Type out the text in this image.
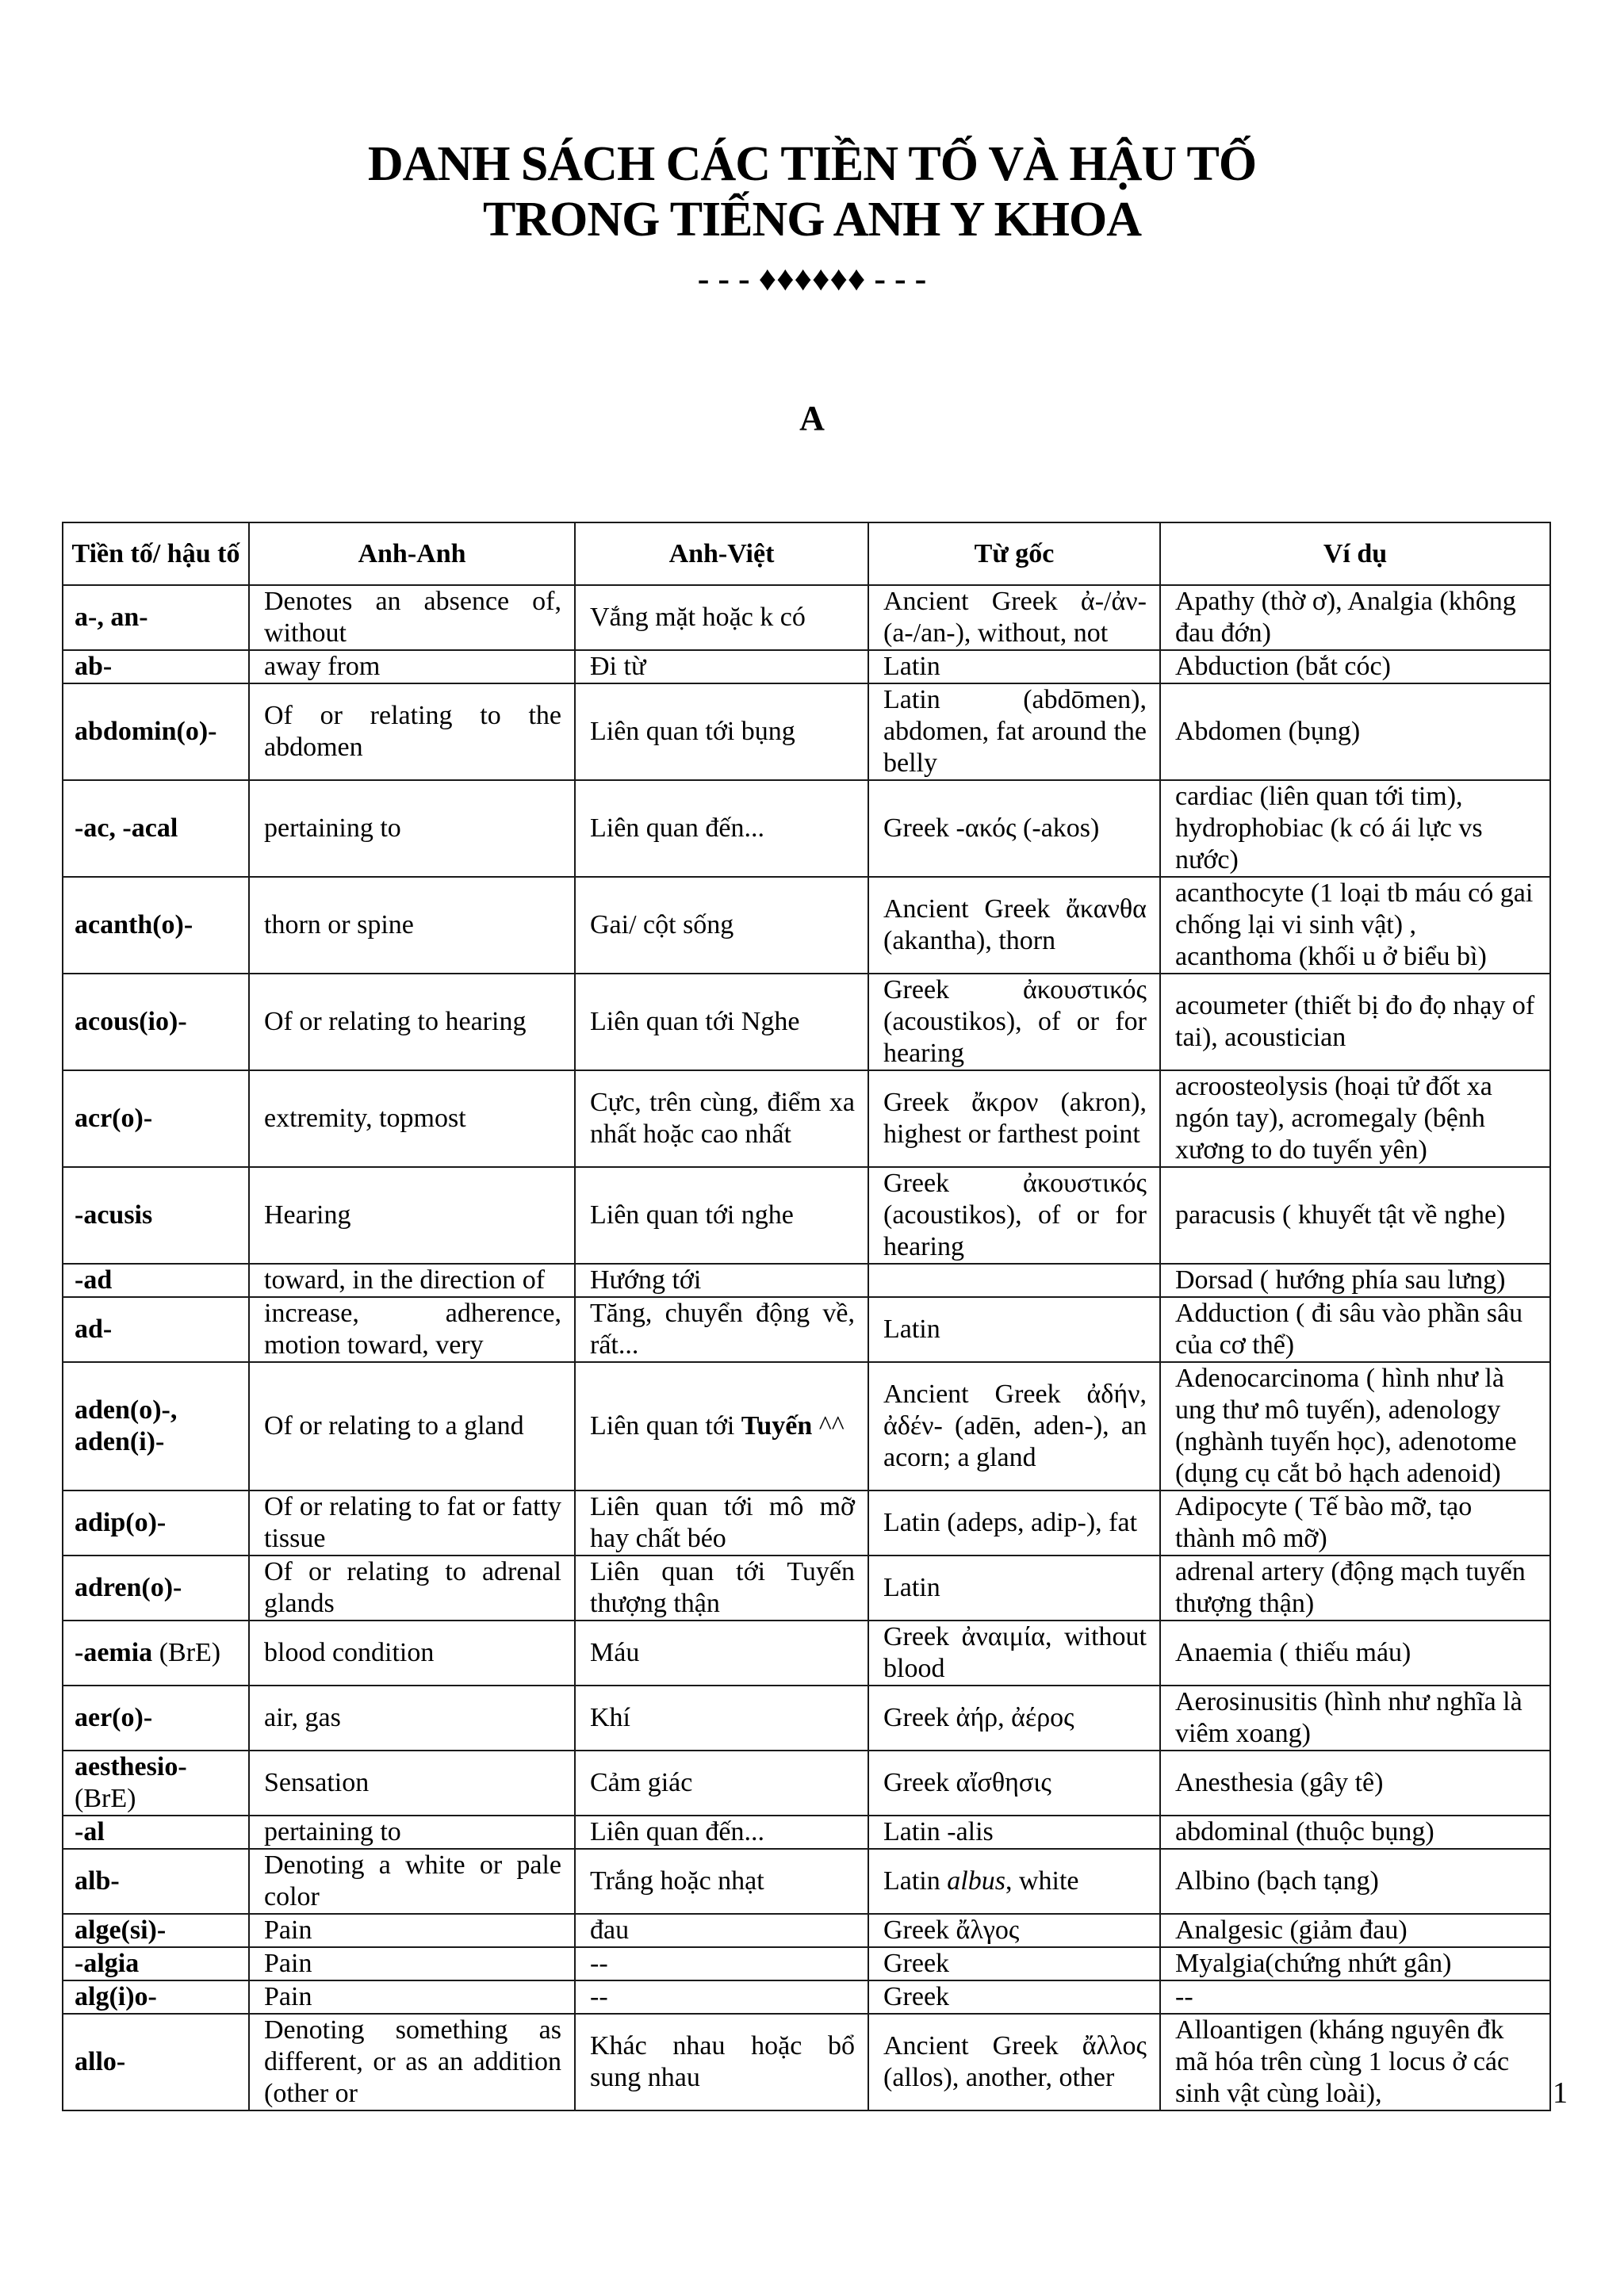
DANH SÁCH CÁC TIỀN TỐ VÀ HẬU TỐ
TRONG TIẾNG ANH Y KHOA
- - - ♦♦♦♦♦♦ - - -
A
Tiền tố/ hậu tố	Anh-Anh	Anh-Việt	Từ gốc	Ví dụ
a-, an-	Denotes an absence of, without	Vắng mặt hoặc k có	Ancient Greek ἀ-/ἀν- (a-/an-), without, not	Apathy (thờ ơ), Analgia (không đau đớn)
ab-	away from	Đi từ	Latin	Abduction (bắt cóc)
abdomin(o)-	Of or relating to the abdomen	Liên quan tới bụng	Latin (abdōmen), abdomen, fat around the belly	Abdomen (bụng)
-ac, -acal	pertaining to	Liên quan đến...	Greek -ακός (-akos)	cardiac (liên quan tới tim), hydrophobiac (k có ái lực vs nước)
acanth(o)-	thorn or spine	Gai/ cột sống	Ancient Greek ἄκανθα (akantha), thorn	acanthocyte (1 loại tb máu có gai chống lại vi sinh vật) , acanthoma (khối u ở biểu bì)
acous(io)-	Of or relating to hearing	Liên quan tới Nghe	Greek ἀκουστικός (acoustikos), of or for hearing	acoumeter (thiết bị đo đọ nhạy of tai), acoustician
acr(o)-	extremity, topmost	Cực, trên cùng, điểm xa nhất hoặc cao nhất	Greek ἄκρον (akron), highest or farthest point	acroosteolysis (hoại tử đốt xa ngón tay), acromegaly (bệnh xương to do tuyến yên)
-acusis	Hearing	Liên quan tới nghe	Greek ἀκουστικός (acoustikos), of or for hearing	paracusis ( khuyết tật về nghe)
-ad	toward, in the direction of	Hướng tới		Dorsad ( hướng phía sau lưng)
ad-	increase, adherence, motion toward, very	Tăng, chuyển động về, rất...	Latin	Adduction ( đi sâu vào phần sâu của cơ thể)
aden(o)-, aden(i)-	Of or relating to a gland	Liên quan tới Tuyến ^^	Ancient Greek ἀδήν, ἀδέν- (adēn, aden-), an acorn; a gland	Adenocarcinoma ( hình như là ung thư mô tuyến), adenology (nghành tuyến học), adenotome (dụng cụ cắt bỏ hạch adenoid)
adip(o)-	Of or relating to fat or fatty tissue	Liên quan tới mô mỡ hay chất béo	Latin (adeps, adip-), fat	Adipocyte ( Tế bào mỡ, tạo thành mô mỡ)
adren(o)-	Of or relating to adrenal glands	Liên quan tới Tuyến thượng thận	Latin	adrenal artery (động mạch tuyến thượng thận)
-aemia (BrE)	blood condition	Máu	Greek ἀναιμία, without blood	Anaemia ( thiếu máu)
aer(o)-	air, gas	Khí	Greek ἀήρ, ἀέρος	Aerosinusitis (hình như nghĩa là viêm xoang)
aesthesio- (BrE)	Sensation	Cảm giác	Greek αἴσθησις	Anesthesia (gây tê)
-al	pertaining to	Liên quan đến...	Latin -alis	abdominal (thuộc bụng)
alb-	Denoting a white or pale color	Trắng hoặc nhạt	Latin albus, white	Albino (bạch tạng)
alge(si)-	Pain	đau	Greek ἄλγος	Analgesic (giảm đau)
-algia	Pain	--	Greek	Myalgia(chứng nhứt gân)
alg(i)o-	Pain	--	Greek	--
allo-	Denoting something as different, or as an addition (other or	Khác nhau hoặc bổ sung nhau	Ancient Greek ἄλλος (allos), another, other	Alloantigen (kháng nguyên đk mã hóa trên cùng 1 locus ở các sinh vật cùng loài),	1
